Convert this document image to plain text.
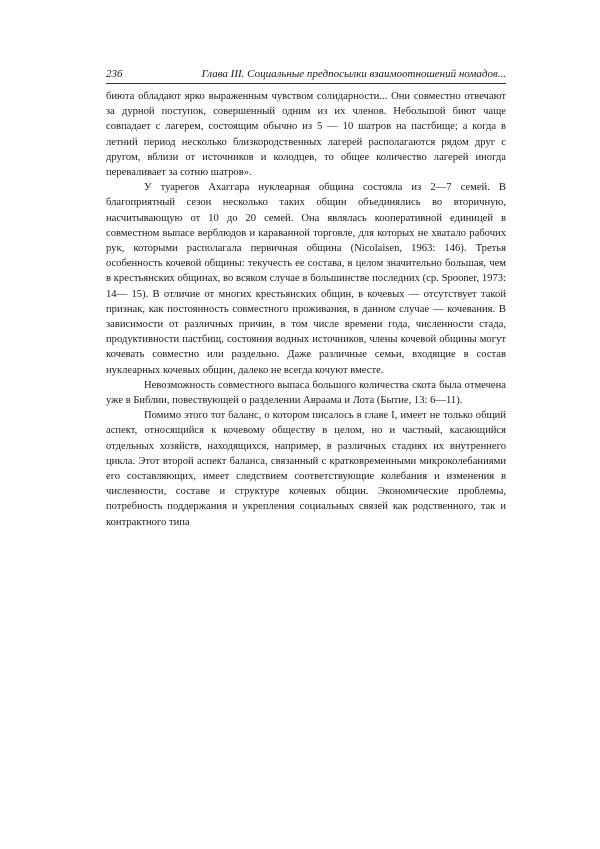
236	Глава III. Социальные предпосылки взаимоотношений номадов...

биюта обладают ярко выраженным чувством солидарности... Они совместно отвечают за дурной поступок, совершенный одним из их членов. Небольшой биют чаще совпадает с лагерем, состоящим обычно из 5 — 10 шатров на пастбище; а когда в летний период несколько близкородственных лагерей располагаются рядом друг с другом, вблизи от источников и колодцев, то общее количество лагерей иногда переваливает за сотню шатров».

У туарегов Ахаггара нуклеарная община состояла из 2—7 семей. В благоприятный сезон несколько таких общин объединялись во вторичную, насчитывающую от 10 до 20 семей. Она являлась кооперативной единицей в совместном выпасе верблюдов и караванной торговле, для которых не хватало рабочих рук, которыми располагала первичная община (Nicolaisen, 1963: 146). Третья особенность кочевой общины: текучесть ее состава, в целом значительно большая, чем в крестьянских общинах, во всяком случае в большинстве последних (ср. Spooner, 1973: 14— 15). В отличие от многих крестьянских общин, в кочевых — отсутствует такой признак, как постоянность совместного проживания, в данном случае — кочевания. В зависимости от различных причин, в том числе времени года, численности стада, продуктивности пастбищ, состояния водных источников, члены кочевой общины могут кочевать совместно или раздельно. Даже различные семьи, входящие в состав нуклеарных кочевых общин, далеко не всегда кочуют вместе.

Невозможность совместного выпаса большого количества скота была отмечена уже в Библии, повествующей о разделении Авраама и Лота (Бытие, 13: 6—11).

Помимо этого тот баланс, о котором писалось в главе I, имеет не только общий аспект, относящийся к кочевому обществу в целом, но и частный, касающийся отдельных хозяйств, находящихся, например, в различных стадиях их внутреннего цикла. Этот второй аспект баланса, связанный с кратковременными микроколебаниями его составляющих, имеет следствием соответствующие колебания и изменения в численности, составе и структуре кочевых общин. Экономические проблемы, потребность поддержания и укрепления социальных связей как родственного, так и контрактного типа
